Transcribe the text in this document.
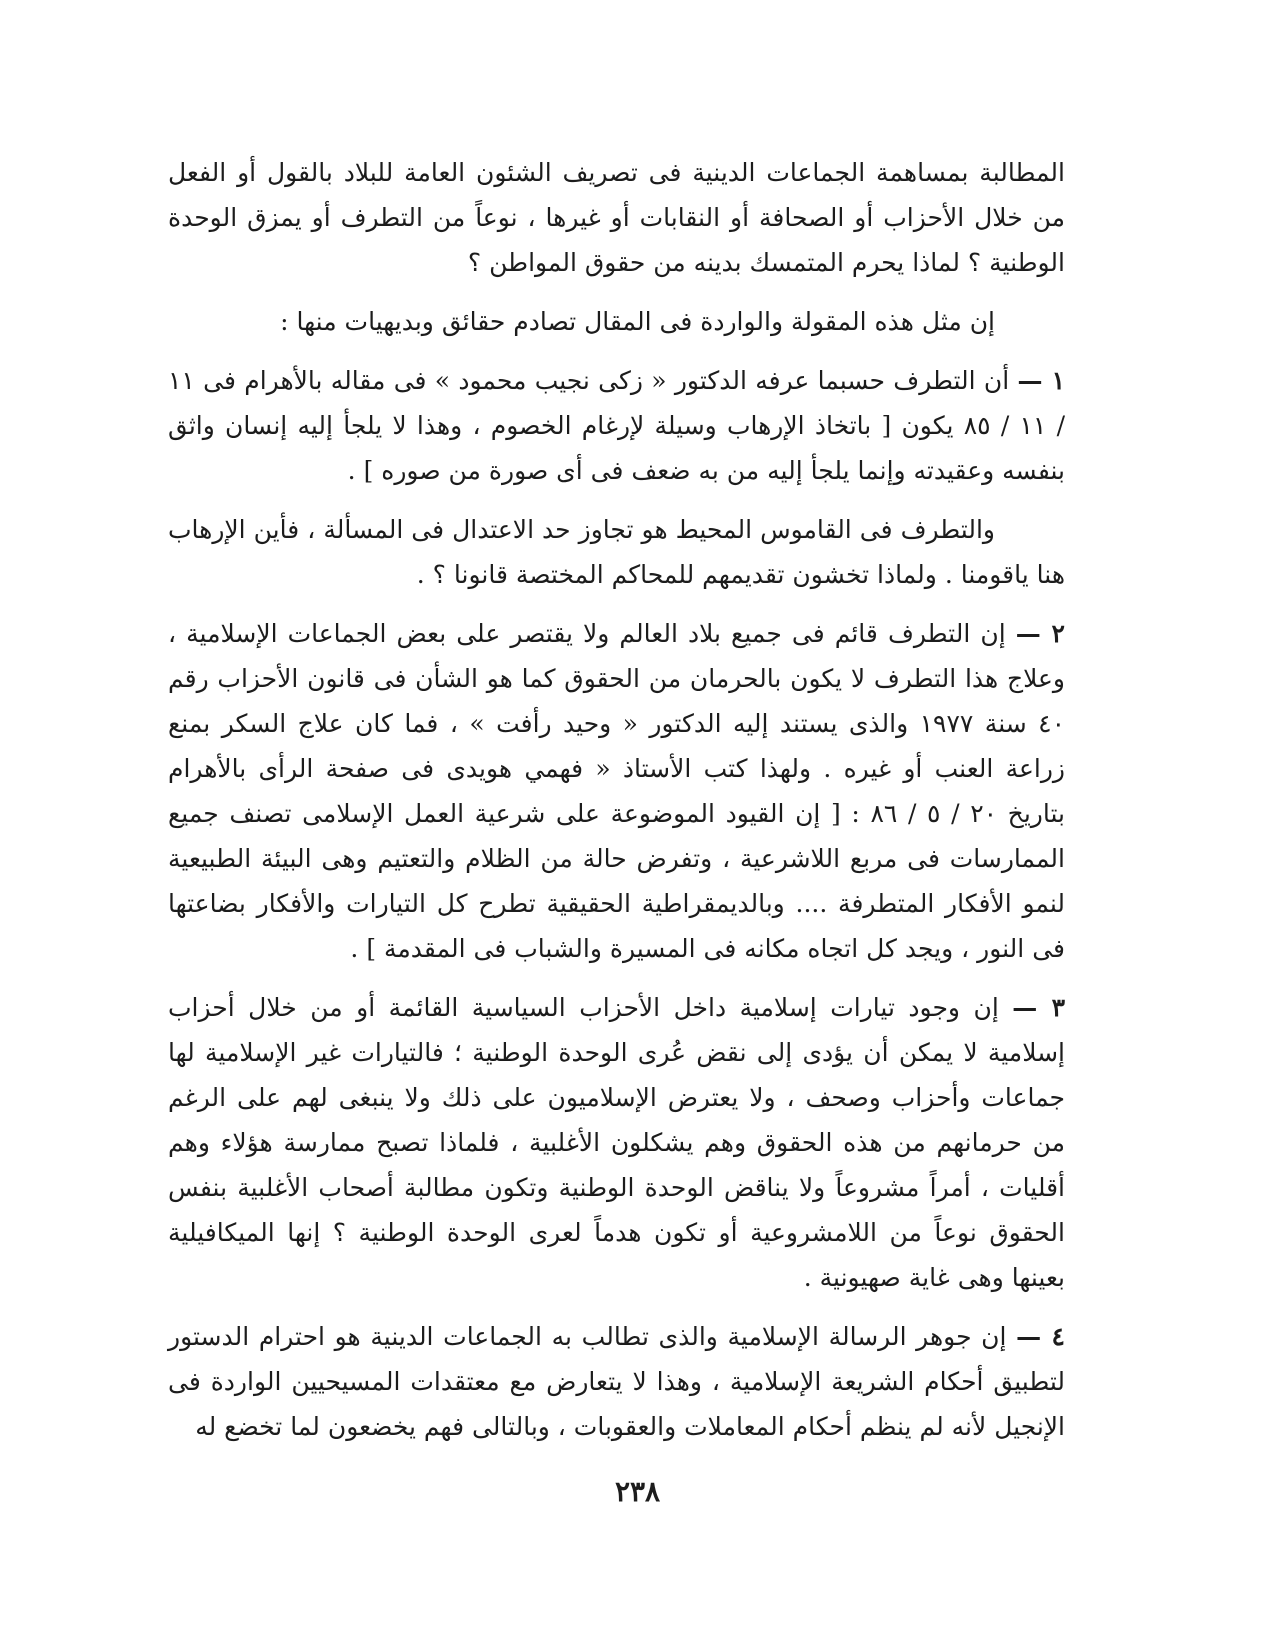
المطالبة بمساهمة الجماعات الدينية فى تصريف الشئون العامة للبلاد بالقول أو الفعل من خلال الأحزاب أو الصحافة أو النقابات أو غيرها ، نوعاً من التطرف أو يمزق الوحدة الوطنية ؟ لماذا يحرم المتمسك بدينه من حقوق المواطن ؟

إن مثل هذه المقولة والواردة فى المقال تصادم حقائق وبديهيات منها :

١ — أن التطرف حسبما عرفه الدكتور « زكى نجيب محمود » فى مقاله بالأهرام فى ١١ / ١١ / ٨٥ يكون [ باتخاذ الإرهاب وسيلة لإرغام الخصوم ، وهذا لا يلجأ إليه إنسان واثق بنفسه وعقيدته وإنما يلجأ إليه من به ضعف فى أى صورة من صوره ] .

والتطرف فى القاموس المحيط هو تجاوز حد الاعتدال فى المسألة ، فأين الإرهاب هنا ياقومنا . ولماذا تخشون تقديمهم للمحاكم المختصة قانونا ؟ .

٢ — إن التطرف قائم فى جميع بلاد العالم ولا يقتصر على بعض الجماعات الإسلامية ، وعلاج هذا التطرف لا يكون بالحرمان من الحقوق كما هو الشأن فى قانون الأحزاب رقم ٤٠ سنة ١٩٧٧ والذى يستند إليه الدكتور « وحيد رأفت » ، فما كان علاج السكر بمنع زراعة العنب أو غيره . ولهذا كتب الأستاذ « فهمي هويدى فى صفحة الرأى بالأهرام بتاريخ ٢٠ / ٥ / ٨٦ : [ إن القيود الموضوعة على شرعية العمل الإسلامى تصنف جميع الممارسات فى مربع اللاشرعية ، وتفرض حالة من الظلام والتعتيم وهى البيئة الطبيعية لنمو الأفكار المتطرفة .... وبالديمقراطية الحقيقية تطرح كل التيارات والأفكار بضاعتها فى النور ، ويجد كل اتجاه مكانه فى المسيرة والشباب فى المقدمة ] .

٣ — إن وجود تيارات إسلامية داخل الأحزاب السياسية القائمة أو من خلال أحزاب إسلامية لا يمكن أن يؤدى إلى نقض عُرى الوحدة الوطنية ؛ فالتيارات غير الإسلامية لها جماعات وأحزاب وصحف ، ولا يعترض الإسلاميون على ذلك ولا ينبغى لهم على الرغم من حرمانهم من هذه الحقوق وهم يشكلون الأغلبية ، فلماذا تصبح ممارسة هؤلاء وهم أقليات ، أمراً مشروعاً ولا يناقض الوحدة الوطنية وتكون مطالبة أصحاب الأغلبية بنفس الحقوق نوعاً من اللامشروعية أو تكون هدماً لعرى الوحدة الوطنية ؟ إنها الميكافيلية بعينها وهى غاية صهيونية .

٤ — إن جوهر الرسالة الإسلامية والذى تطالب به الجماعات الدينية هو احترام الدستور لتطبيق أحكام الشريعة الإسلامية ، وهذا لا يتعارض مع معتقدات المسيحيين الواردة فى الإنجيل لأنه لم ينظم أحكام المعاملات والعقوبات ، وبالتالى فهم يخضعون لما تخضع له

٢٣٨
